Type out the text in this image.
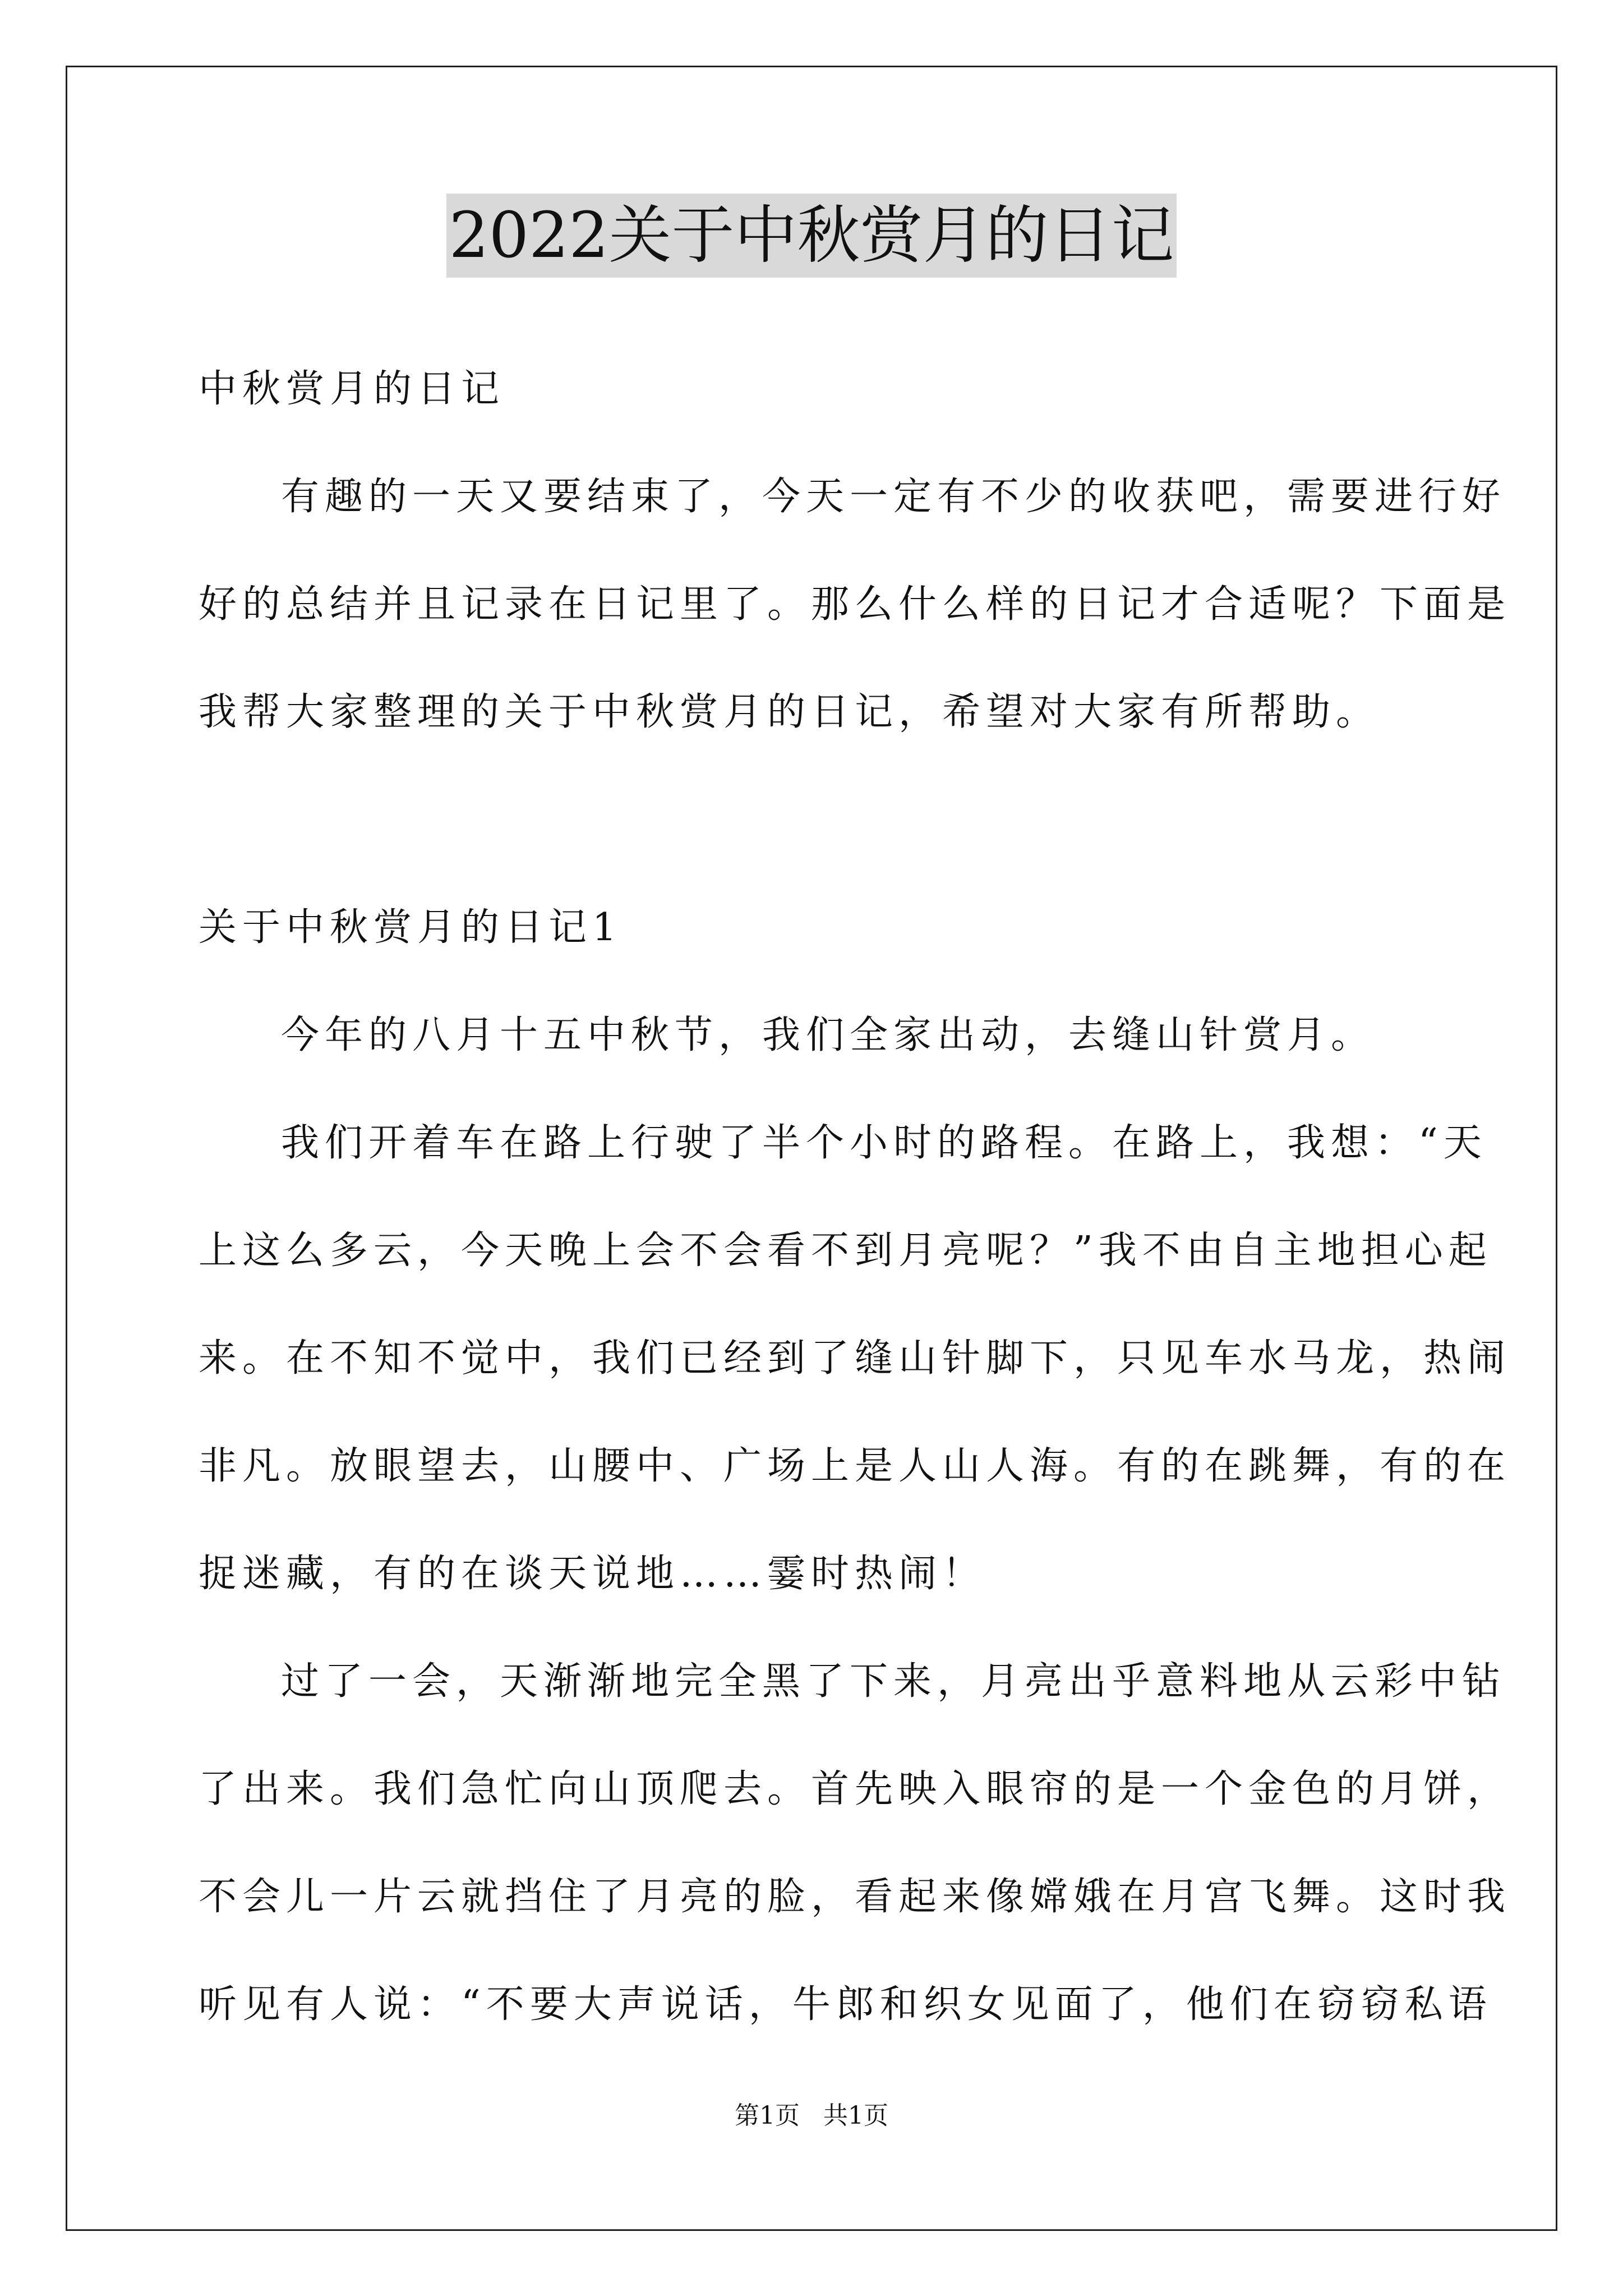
2022关于中秋赏月的日记
中秋赏月的日记
有趣的一天又要结束了，今天一定有不少的收获吧，需要进行好
好的总结并且记录在日记里了。那么什么样的日记才合适呢？下面是
我帮大家整理的关于中秋赏月的日记，希望对大家有所帮助。
关于中秋赏月的日记1
今年的八月十五中秋节，我们全家出动，去缝山针赏月。
我们开着车在路上行驶了半个小时的路程。在路上，我想：“天
上这么多云，今天晚上会不会看不到月亮呢？”我不由自主地担心起
来。在不知不觉中，我们已经到了缝山针脚下，只见车水马龙，热闹
非凡。放眼望去，山腰中、广场上是人山人海。有的在跳舞，有的在
捉迷藏，有的在谈天说地……霎时热闹！
过了一会，天渐渐地完全黑了下来，月亮出乎意料地从云彩中钻
了出来。我们急忙向山顶爬去。首先映入眼帘的是一个金色的月饼，
不会儿一片云就挡住了月亮的脸，看起来像嫦娥在月宫飞舞。这时我
听见有人说：“不要大声说话，牛郎和织女见面了，他们在窃窃私语
第1页   共1页
